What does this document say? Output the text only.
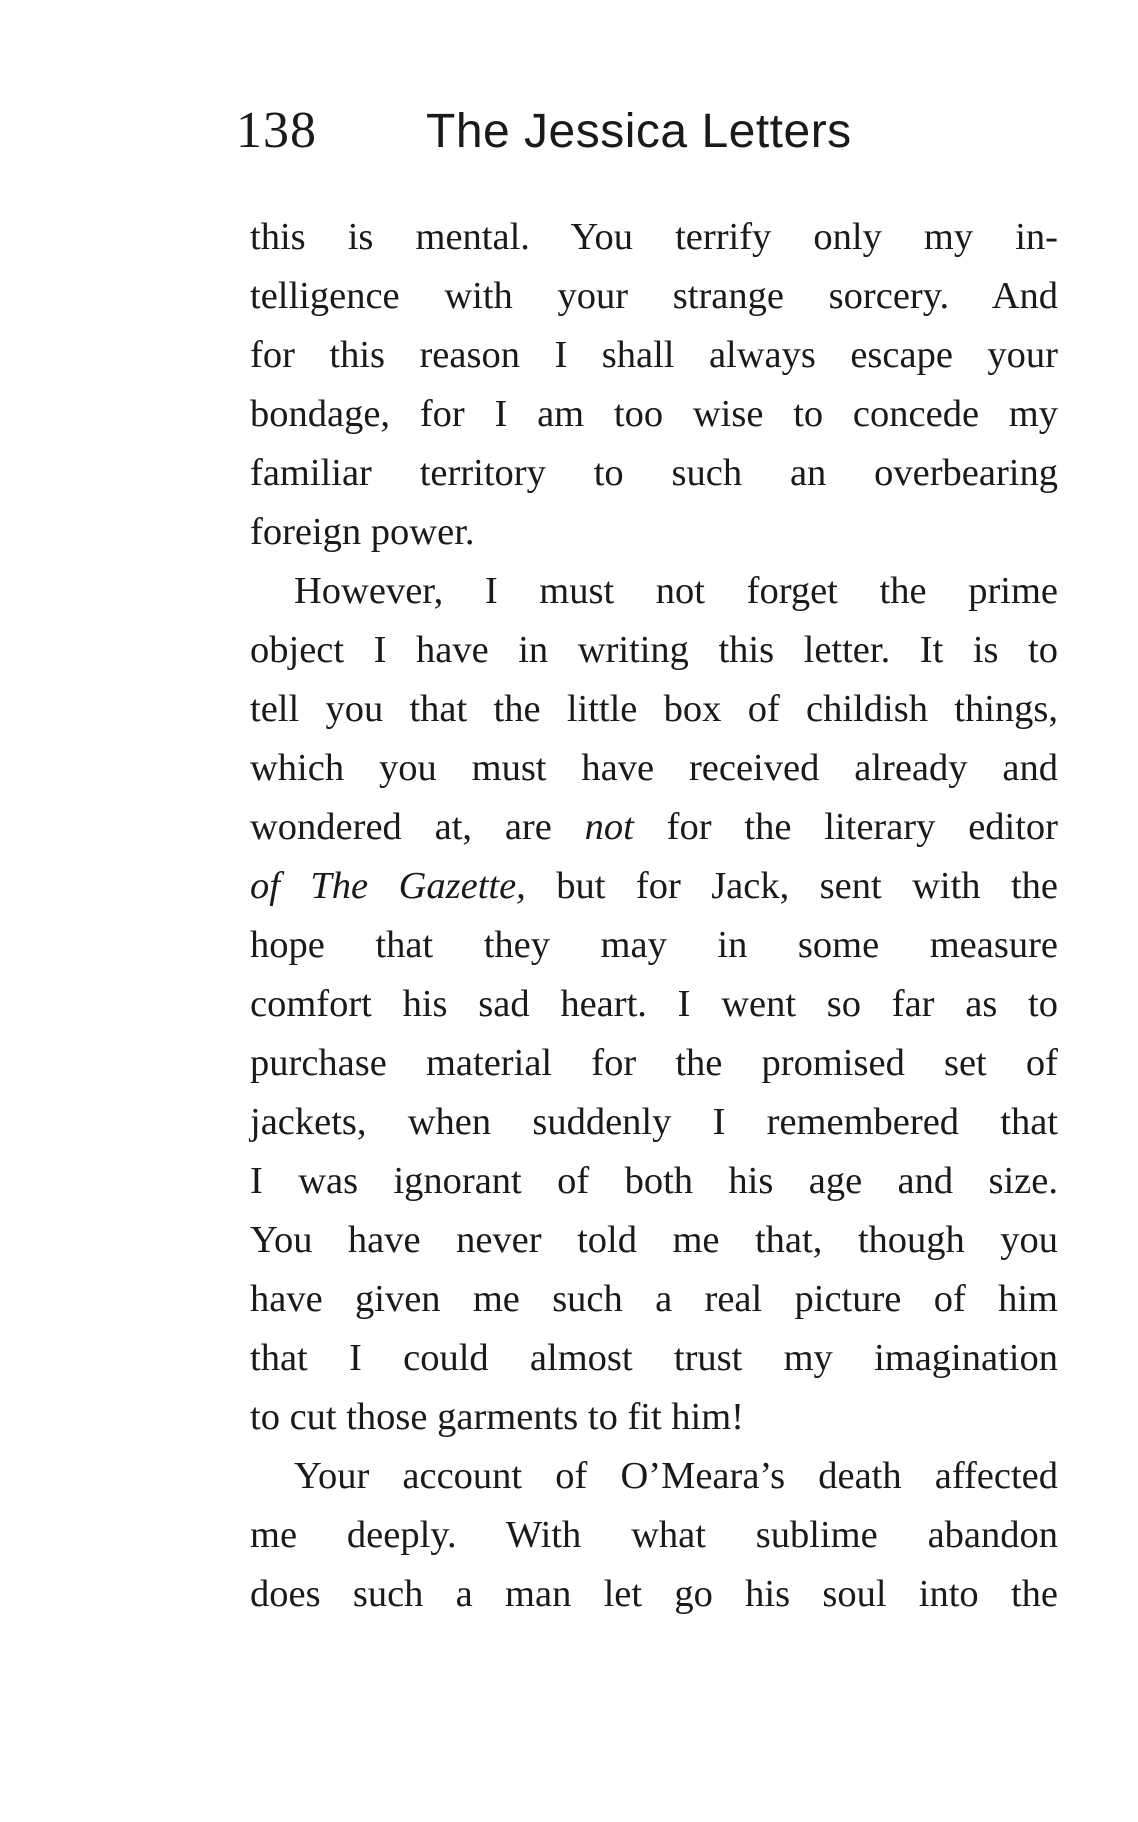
138 The Jessica Letters
this is mental. You terrify only my in-
telligence with your strange sorcery. And
for this reason I shall always escape your
bondage, for I am too wise to concede my
familiar territory to such an overbearing
foreign power.
However, I must not forget the prime
object I have in writing this letter. It is to
tell you that the little box of childish things,
which you must have received already and
wondered at, are not for the literary editor
of The Gazette, but for Jack, sent with the
hope that they may in some measure
comfort his sad heart. I went so far as to
purchase material for the promised set of
jackets, when suddenly I remembered that
I was ignorant of both his age and size.
You have never told me that, though you
have given me such a real picture of him
that I could almost trust my imagination
to cut those garments to fit him!
Your account of O’Meara’s death affected
me deeply. With what sublime abandon
does such a man let go his soul into the
